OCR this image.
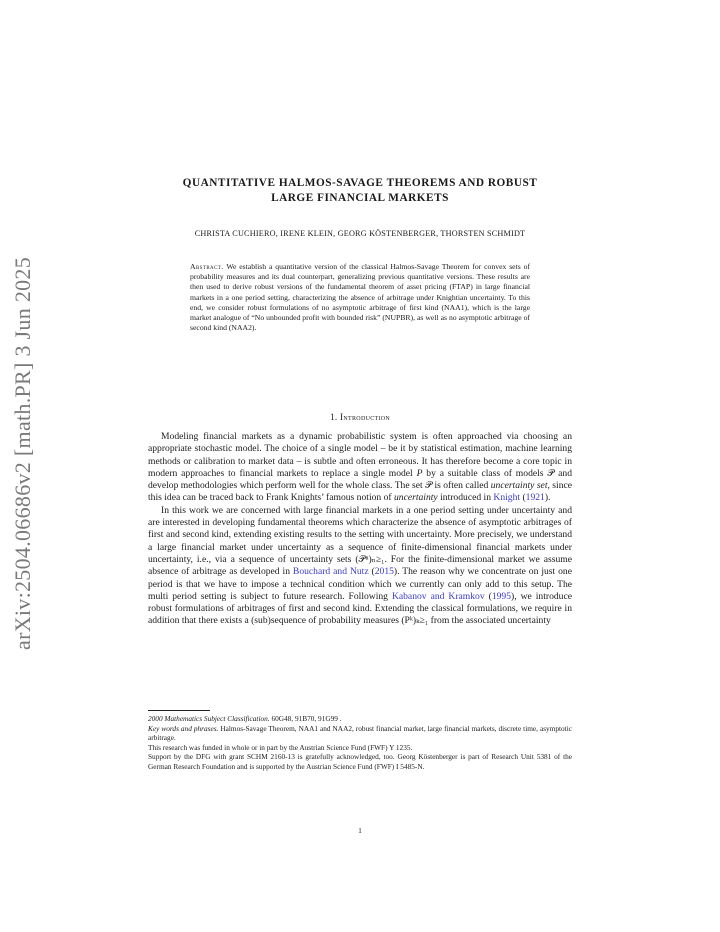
arXiv:2504.06686v2 [math.PR] 3 Jun 2025
QUANTITATIVE HALMOS-SAVAGE THEOREMS AND ROBUST
LARGE FINANCIAL MARKETS
CHRISTA CUCHIERO, IRENE KLEIN, GEORG KÖSTENBERGER, THORSTEN SCHMIDT
Abstract. We establish a quantitative version of the classical Halmos-Savage Theorem for convex sets of probability measures and its dual counterpart, generalizing previous quantitative versions. These results are then used to derive robust versions of the fundamental theorem of asset pricing (FTAP) in large financial markets in a one period setting, characterizing the absence of arbitrage under Knightian uncertainty. To this end, we consider robust formulations of no asymptotic arbitrage of first kind (NAA1), which is the large market analogue of “No unbounded profit with bounded risk” (NUPBR), as well as no asymptotic arbitrage of second kind (NAA2).
1. Introduction

Modeling financial markets as a dynamic probabilistic system is often approached via choosing an appropriate stochastic model. The choice of a single model – be it by statistical estimation, machine learning methods or calibration to market data – is subtle and often erroneous. It has therefore become a core topic in modern approaches to financial markets to replace a single model P by a suitable class of models 𝒫 and develop methodologies which perform well for the whole class. The set 𝒫 is often called uncertainty set, since this idea can be traced back to Frank Knights’ famous notion of uncertainty introduced in Knight (1921).

In this work we are concerned with large financial markets in a one period setting under uncertainty and are interested in developing fundamental theorems which characterize the absence of asymptotic arbitrages of first and second kind, extending existing results to the setting with uncertainty. More precisely, we understand a large financial market under uncertainty as a sequence of finite-dimensional financial markets under uncertainty, i.e., via a sequence of uncertainty sets (𝒫ⁿ)ₙ≥₁. For the finite-dimensional market we assume absence of arbitrage as developed in Bouchard and Nutz (2015). The reason why we concentrate on just one period is that we have to impose a technical condition which we currently can only add to this setup. The multi period setting is subject to future research. Following Kabanov and Kramkov (1995), we introduce robust formulations of arbitrages of first and second kind. Extending the classical formulations, we require in addition that there exists a (sub)sequence of probability measures (Pᵏ)ₖ≥₁ from the associated uncertainty

2000 Mathematics Subject Classification. 60G48, 91B70, 91G99 .
Key words and phrases. Halmos-Savage Theorem, NAA1 and NAA2, robust financial market, large financial markets, discrete time, asymptotic arbitrage.
This research was funded in whole or in part by the Austrian Science Fund (FWF) Y 1235.
Support by the DFG with grant SCHM 2160-13 is gratefully acknowledged, too. Georg Köstenberger is part of Research Unit 5381 of the German Research Foundation and is supported by the Austrian Science Fund (FWF) I 5485-N.
1
